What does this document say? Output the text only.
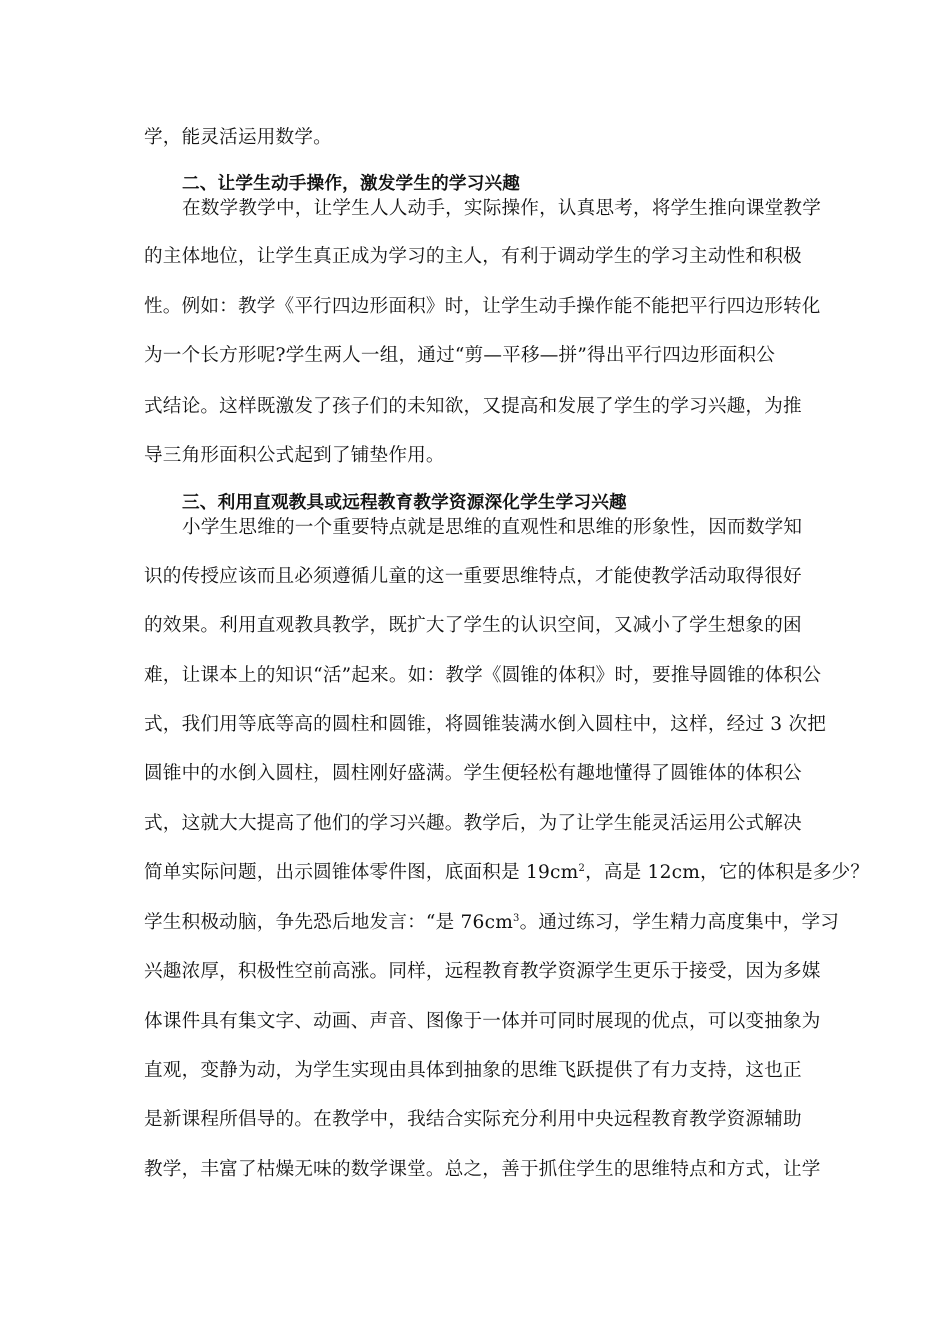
学，能灵活运用数学。
二、让学生动手操作，激发学生的学习兴趣
在数学教学中，让学生人人动手，实际操作，认真思考，将学生推向课堂教学
的主体地位，让学生真正成为学习的主人，有利于调动学生的学习主动性和积极
性。例如：教学《平行四边形面积》时，让学生动手操作能不能把平行四边形转化
为一个长方形呢?学生两人一组，通过“剪—平移—拼”得出平行四边形面积公
式结论。这样既激发了孩子们的未知欲，又提高和发展了学生的学习兴趣，为推
导三角形面积公式起到了铺垫作用。
三、利用直观教具或远程教育教学资源深化学生学习兴趣
小学生思维的一个重要特点就是思维的直观性和思维的形象性，因而数学知
识的传授应该而且必须遵循儿童的这一重要思维特点，才能使教学活动取得很好
的效果。利用直观教具教学，既扩大了学生的认识空间，又减小了学生想象的困
难，让课本上的知识“活”起来。如：教学《圆锥的体积》时，要推导圆锥的体积公
式，我们用等底等高的圆柱和圆锥，将圆锥装满水倒入圆柱中，这样，经过 3 次把
圆锥中的水倒入圆柱，圆柱刚好盛满。学生便轻松有趣地懂得了圆锥体的体积公
式，这就大大提高了他们的学习兴趣。教学后，为了让学生能灵活运用公式解决
简单实际问题，出示圆锥体零件图，底面积是 $19cm^2$，高是 12cm，它的体积是多少？
学生积极动脑，争先恐后地发言：“是 $76cm^3$。通过练习，学生精力高度集中，学习
兴趣浓厚，积极性空前高涨。同样，远程教育教学资源学生更乐于接受，因为多媒
体课件具有集文字、动画、声音、图像于一体并可同时展现的优点，可以变抽象为
直观，变静为动，为学生实现由具体到抽象的思维飞跃提供了有力支持，这也正
是新课程所倡导的。在教学中，我结合实际充分利用中央远程教育教学资源辅助
教学，丰富了枯燥无味的数学课堂。总之，善于抓住学生的思维特点和方式，让学
